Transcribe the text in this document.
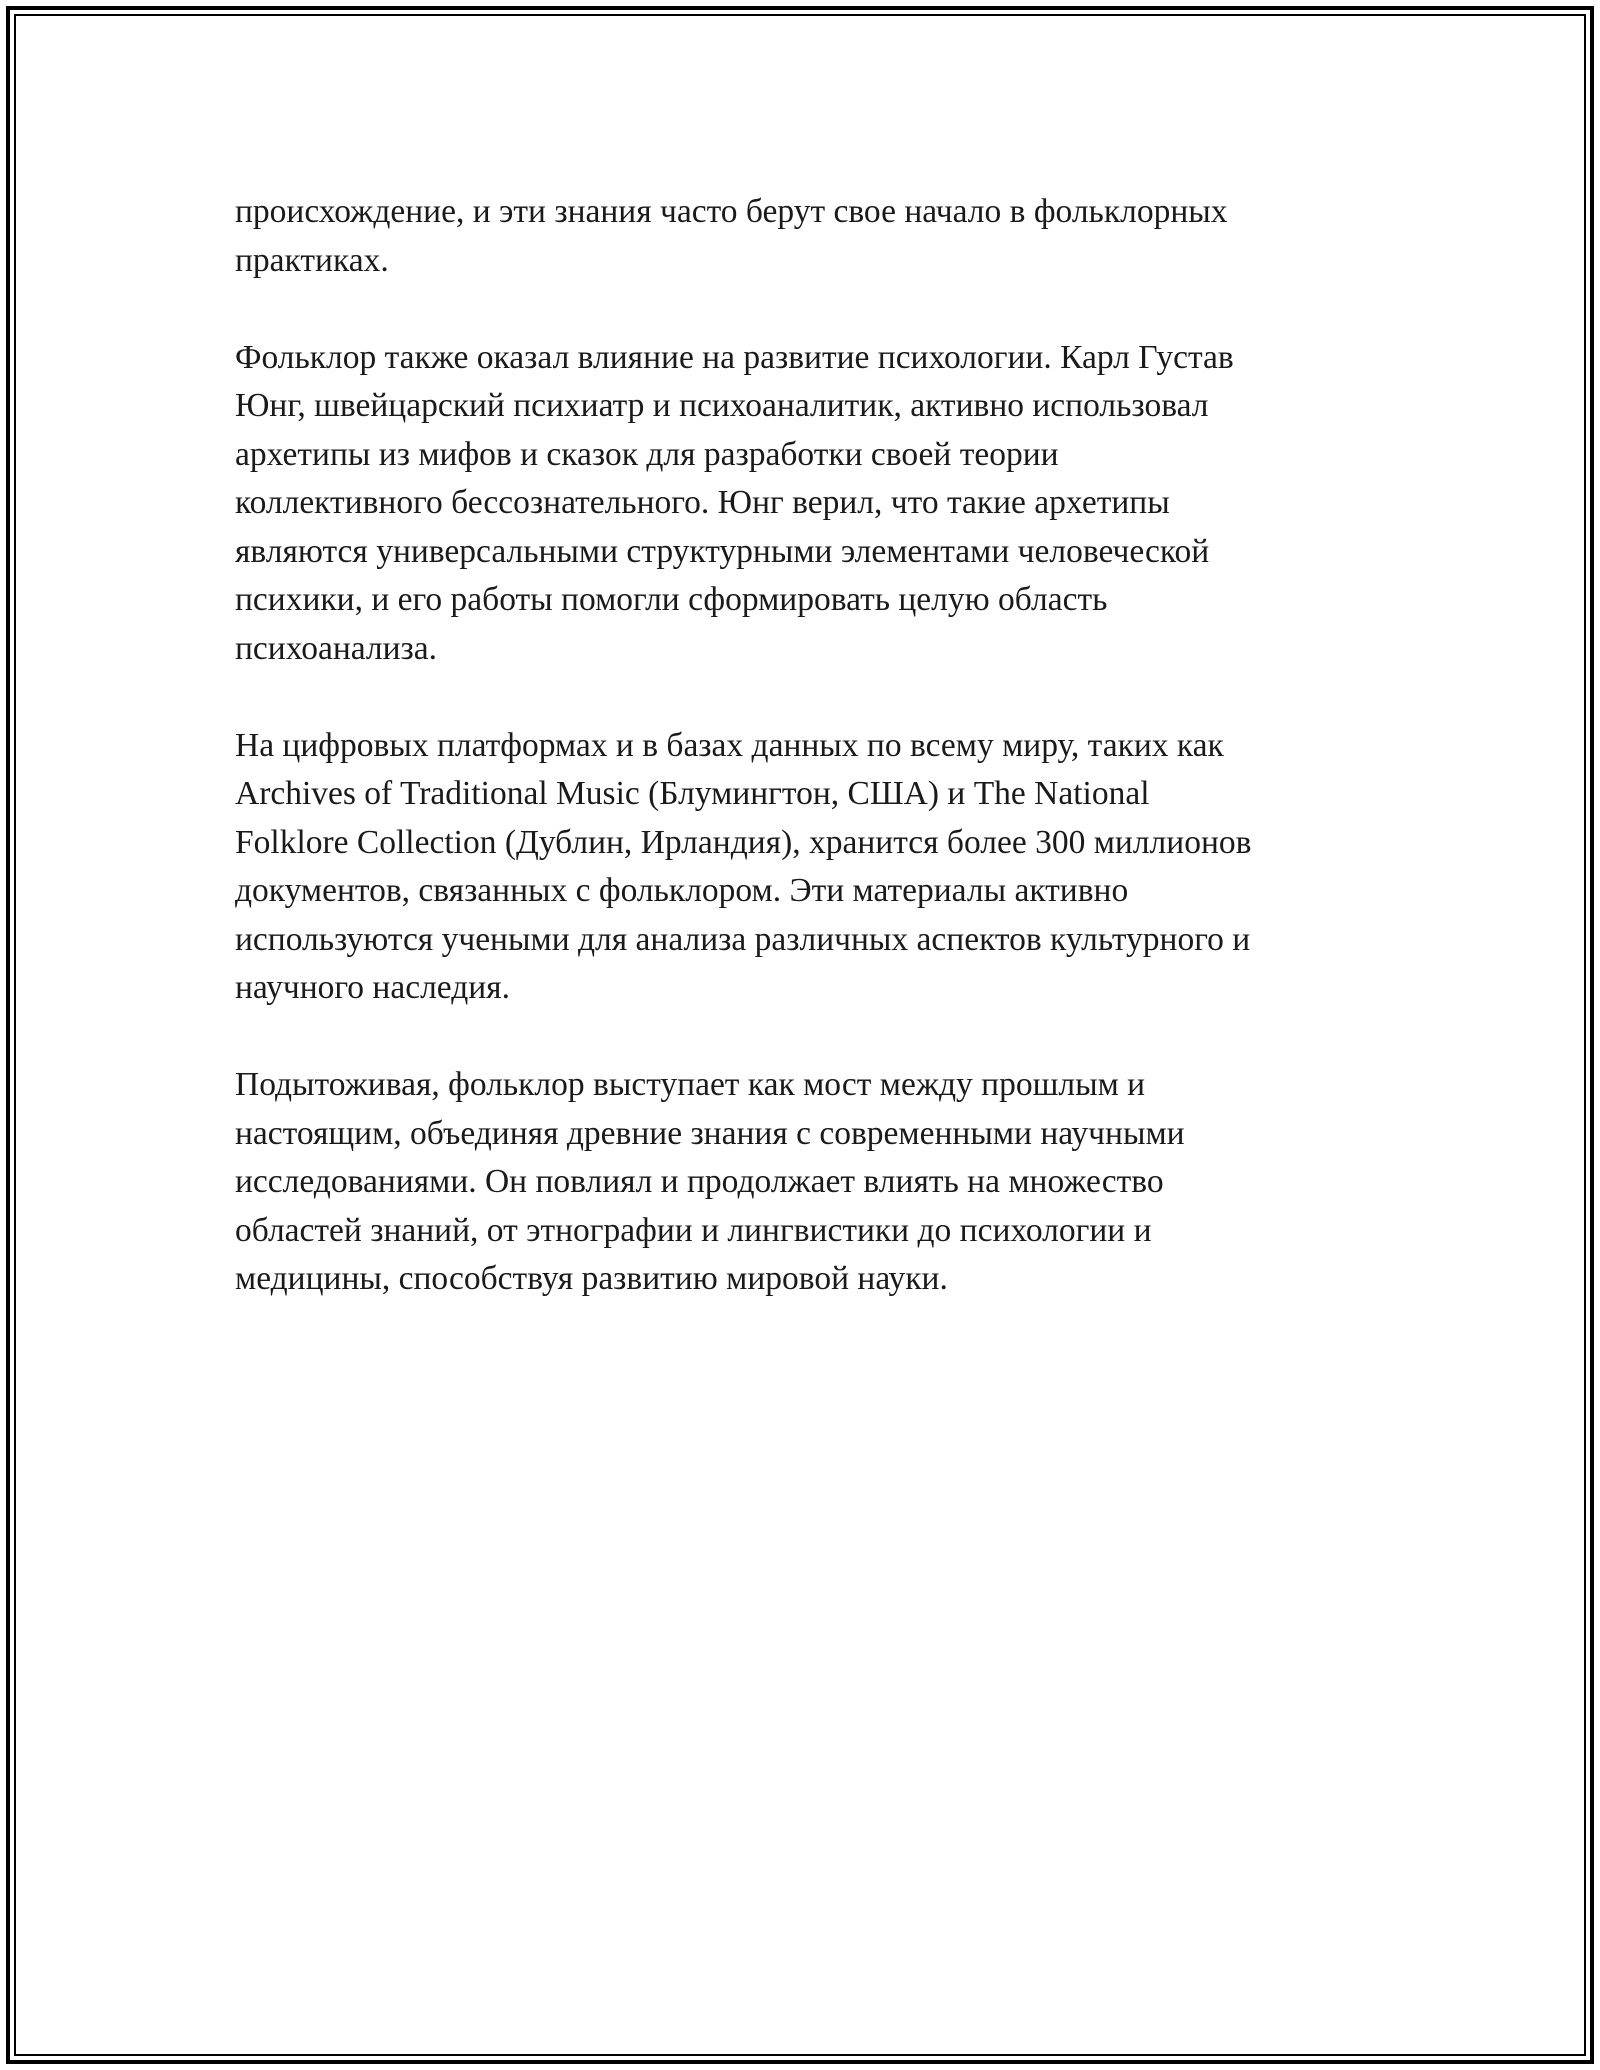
происхождение, и эти знания часто берут свое начало в фольклорных
практиках.

Фольклор также оказал влияние на развитие психологии. Карл Густав
Юнг, швейцарский психиатр и психоаналитик, активно использовал
архетипы из мифов и сказок для разработки своей теории
коллективного бессознательного. Юнг верил, что такие архетипы
являются универсальными структурными элементами человеческой
психики, и его работы помогли сформировать целую область
психоанализа.

На цифровых платформах и в базах данных по всему миру, таких как
Archives of Traditional Music (Блумингтон, США) и The National
Folklore Collection (Дублин, Ирландия), хранится более 300 миллионов
документов, связанных с фольклором. Эти материалы активно
используются учеными для анализа различных аспектов культурного и
научного наследия.

Подытоживая, фольклор выступает как мост между прошлым и
настоящим, объединяя древние знания с современными научными
исследованиями. Он повлиял и продолжает влиять на множество
областей знаний, от этнографии и лингвистики до психологии и
медицины, способствуя развитию мировой науки.
